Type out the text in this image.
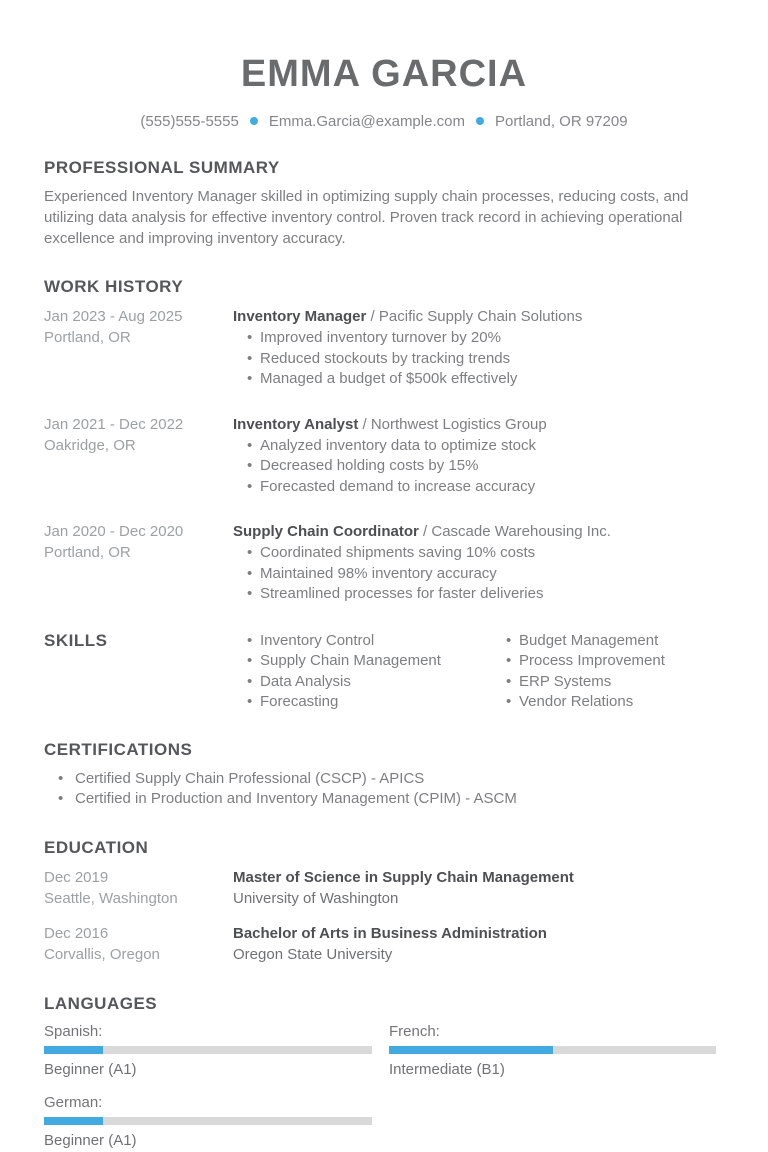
EMMA GARCIA
(555)555-5555 Emma.Garcia@example.com Portland, OR 97209
PROFESSIONAL SUMMARY
Experienced Inventory Manager skilled in optimizing supply chain processes, reducing costs, and utilizing data analysis for effective inventory control. Proven track record in achieving operational excellence and improving inventory accuracy.
WORK HISTORY
Jan 2023 - Aug 2025
Portland, OR
Inventory Manager / Pacific Supply Chain Solutions
• Improved inventory turnover by 20%
• Reduced stockouts by tracking trends
• Managed a budget of $500k effectively
Jan 2021 - Dec 2022
Oakridge, OR
Inventory Analyst / Northwest Logistics Group
• Analyzed inventory data to optimize stock
• Decreased holding costs by 15%
• Forecasted demand to increase accuracy
Jan 2020 - Dec 2020
Portland, OR
Supply Chain Coordinator / Cascade Warehousing Inc.
• Coordinated shipments saving 10% costs
• Maintained 98% inventory accuracy
• Streamlined processes for faster deliveries
SKILLS	• Inventory Control
• Supply Chain Management
• Data Analysis
• Forecasting
• Budget Management
• Process Improvement
• ERP Systems
• Vendor Relations
CERTIFICATIONS
• Certified Supply Chain Professional (CSCP) - APICS
• Certified in Production and Inventory Management (CPIM) - ASCM
EDUCATION
Dec 2019
Seattle, Washington
Master of Science in Supply Chain Management
University of Washington
Dec 2016
Corvallis, Oregon
Bachelor of Arts in Business Administration
Oregon State University
LANGUAGES
Spanish:
Beginner (A1)
French:
Intermediate (B1)
German:
Beginner (A1)
